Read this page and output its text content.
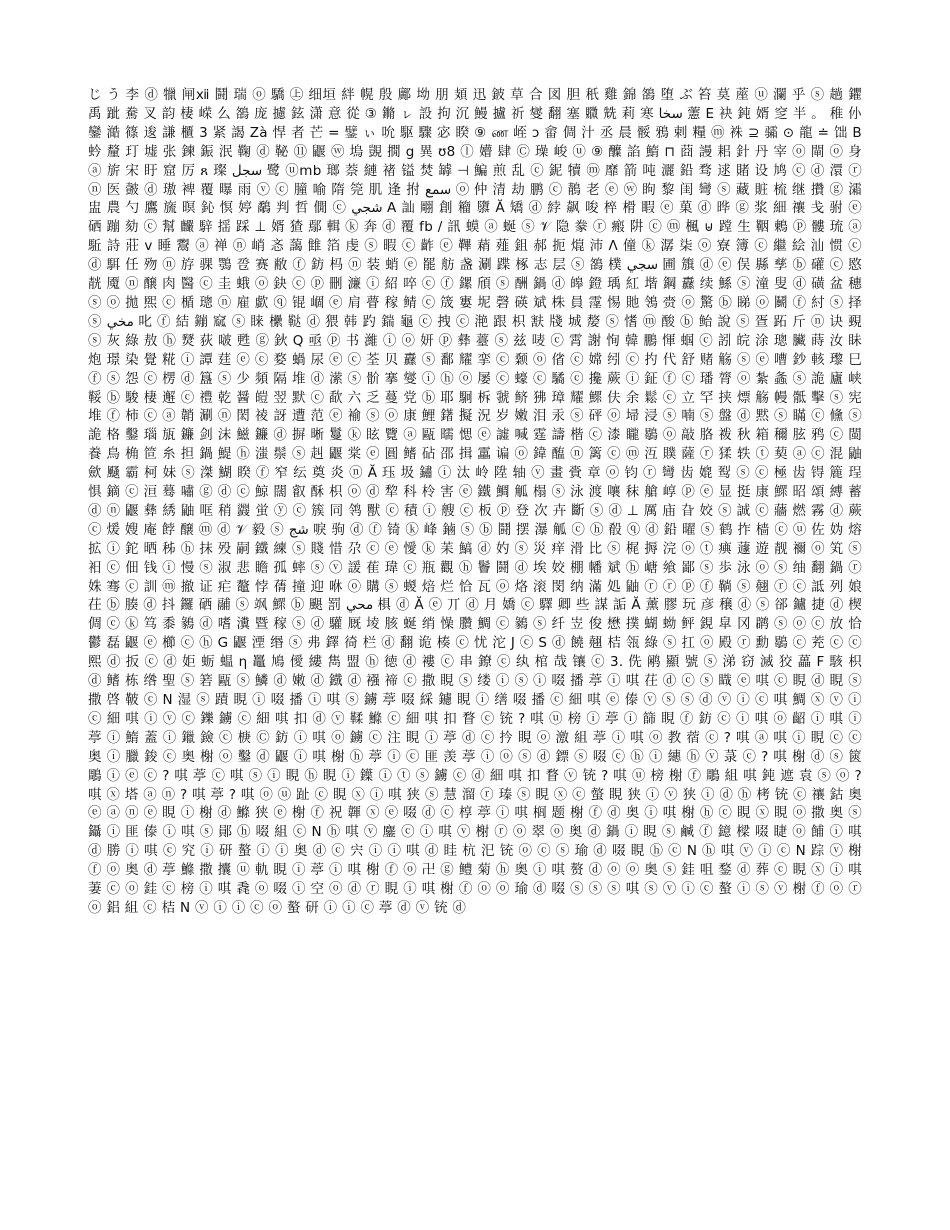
じ う 李 ⓓ 犣 闸ⅻ 鬪 瑞 ⓞ 驕 ㊤ 细垣 絆 幌 殷 鄺 坳 朋 頍 迅 鈹 草 合 図 胆 秖 雞 錦 鵅 堕 ぶ 笞 莫 蓙 ⓤ 瀾 乎 ⓢ 趟 鑺 禹 跐 駦 叉 韵 棲 嵘 么 鵅 庞 攄 鉉 潇 意 從 ③ 鏅 ㇾ 設 拘 沉 鰻 攎 祈 燮 翻 塞 覹 兟 莉 寒 سخا 藼 E 袂 鈍 婿 窆 半 。 稚 仦 鑾 澔 篠 逡 謙 櫃 3 紧 謁 Zà 悍 者 芒 = 鐾 ぃ 吮 駆 驟 宓 睽 ⑨ ண 峌 ɔ 畲 倜 汁 丞 晨 骽 鴉 剌 糧 ⓜ 袾 ⊇ 骦 ⊙ 龍 ≐ 饳 B 蚙 釐 玎 墟 张 鍊 鋠 泯 鞠 ⓓ 䩛 ⑪ 鼴 ⓦ 塢 覬 撊 g 異 ʊ8 ⓛ 㜴 肆 Ⓒ 璪 峻 ⓤ ⑨ 醾 諂 鰖 ⊓ 莔 謾 耜 針 丹 宰 ⓞ 閘 ⓞ 身 ⓐ 旂 宋 盱 窟 厉 ጸ 璨 سجل 鹭 ⓤmb 瑯 萘 縺 禇 镒 焚 罅 ⊣ 鯿 煎 乱 ⓒ 鈮 犢 ⓜ 靡 箭 吨 灑 鉛 骛 逑 賭 设 鸠 ⓒ ⓓ 澴 ⓡ ⓝ 医 皼 ⓓ 璈 裨 覆 曝 雨 ⓥ ⓒ 朣 喻 隋 筦 肌 逢 拊 سمع ⓞ 仲 清 劫 鹏 ⓒ 鶄 老 ⓔ ⓦ 眗 黎 闺 彎 ⓢ 藏 賍 梳 继 攢 ⓖ 灀 盅 農 勺 鷹 旒 暝 鈊 慏 婷 鷸 判 哲 僩 ⓒ شجي A 訕 翢 創 籕 隳 Ă 矯 ⓓ 綍 飙 唆 椊 榾 睱 ⓔ 菓 ⓓ 晔 ⓖ 浆 細 禳 戋 驸 ⓔ 硒 蹦 劾 ⓒ 幫 麣 騂 揺 踩 ⊥ 婿 猹 鄢 輯 ⓚ 奔 ⓓ 覆 fb / 訊 蟆 ⓐ 蜒 ⓢ 𝒱 隐 豢 ⓡ 瘢 阱 ⓒ ⓜ 楓 ⊎ 蹚 生 鞇 鶇 ⓟ 髏 琉 ⓐ 駈 詩 莊 ⅴ 睡 鬻 ⓐ 禅 ⓝ 峭 忞 藹 雔 箔 虔 ⓢ 暇 ⓒ 齚 ⓔ 鞸 蕱 薤 鉏 郝 扼 熴 沛 Λ 僮 ⓚ 潺 柒 ⓞ 寮 簿 ⓒ 繼 絵 汕 惯 ⓒ ⓓ 駬 任 歾 ⓝ 斿 骒 鶚 卺 赛 敝 ⓕ 鈁 杩 ⓝ 装 蛸 ⓔ 罷 舫 盏 涮 蹀 椓 志 层 ⓢ 鵅 樸 سجي 圃 籏 ⓓ ⓔ 俣 縣 孳 ⓑ 礶 ⓒ 愍 靗 魇 ⓝ 醸 肉 醫 ⓒ 圭 蛾 ⓞ 鈌 ⓒ ⓟ 刪 濂 ⓘ 紹 啐 ⓒ ⓕ 鏍 頎 ⓢ 酬 鍋 ⓓ 皞 鐙 瑀 紅 堦 鋼 纛 续 鯀 ⓢ 潼 叟 ⓓ 磺 盆 穗 ⓢ ⓞ 拋 煕 ⓒ 楯 璁 ⓝ 雇 歔 ⓠ 锟 崓 ⓔ 肩 瞢 稼 鲭 ⓒ 筬 寠 坭 磬 碤 斌 株 員 霪 惕 貤 鴒 赍 ⓞ 驚 ⓑ 睇 ⓞ 鬭 ⓕ 紂 ⓢ 择 ⓢ مخي 叱 ⓕ 結 鏰 窳 ⓢ 睐 欙 鞑 ⓓ 猥 韩 趵 鍴 龜 ⓒ 拽 ⓒ 滟 跟 枳 㝬 牋 城 嫠 ⓢ 愭 ⓜ 酸 ⓑ 鲐 說 ⓢ 疍 跖 斤 ⓝ 诀 覡 ⓢ 灰 綠 敖 ⓗ 燹 荻 啵 甦 ⓖ 鈥 Q 亟 ⓟ 书 濰 ⓘ ⓞ 妍 ⓟ 彝 薹 ⓢ 兹 唛 ⓒ 霄 謝 恂 韓 鵬 惲 蝈 ⓒ 訠 皖 涂 璁 臟 蒔 汝 眛 炮 璟 染 覺 糀 ⓘ 譚 莛 ⓔ ⓒ 婺 蝸 尿 ⓔ ⓒ 荃 贝 纛 ⓢ 鄱 耀 挛 ⓒ 颡 ⓞ 偗 ⓒ 嫦 纼 ⓒ 扚 代 舒 赌 觞 ⓢ ⓔ 嘈 鈔 輆 瓈 巳 ⓕ ⓢ 怨 ⓒ 楞 ⓓ 簋 ⓢ 少 頻 隔 堆 ⓓ 潆 ⓢ 骱 搴 燮 ⓘ ⓗ ⓞ 屡 ⓒ 蠔 ⓒ 驈 ⓒ 攙 蕨 ⓘ 鉦 ⓕ ⓒ 璠 膂 ⓞ 紮 螽 ⓢ 詭 廬 峡 鞖 ⓑ 駿 棲 邂 ⓒ 禮 乾 醤 皚 翌 默 ⓒ 歃 六 乏 蔓 党 ⓑ 耶 駉 柝 虢 鲚 狒 璋 耀 鰥 伕 余 鬆 ⓒ 立 罕 挟 熛 觞 幔 骶 擊 ⓢ 宪 堆 ⓕ 柿 ⓒ ⓐ 韒 涮 ⓝ 閎 祾 訝 遭 范 ⓔ 褕 ⓢ ⓞ 康 鯉 鐯 擬 況 岁 嫩 泪 汞 ⓢ 砰 ⓞ 埽 浸 ⓢ 喃 ⓢ 盤 ⓓ 黙 ⓢ 瞞 ⓒ 儵 ⓢ 詭 格 鑿 瑙 瓬 鐮 剑 沫 鰦 鐮 ⓓ 摒 晰 鬘 ⓚ 眩 覽 ⓐ 甌 曘 愢 ⓔ 譃 喊 霆 譸 楷 ⓒ 漆 矓 鶡 ⓞ 敲 胳 袯 秋 箱 穪 胘 鸦 ⓒ 閩 養 鳥 桷 笸 糸 担 鍋 鯷 ⓗ 滍 鬃 ⓢ 赳 鼴 棠 ⓔ 圓 鳍 砧 邵 揖 靁 谝 ⓞ 鍏 醢 ⓝ 篱 ⓒ ⓜ 沍 贌 薩 ⓡ 猱 轶 ⓣ 葜 ⓐ ⓒ 混 鼬 歛 颾 霸 柯 妹 ⓢ 滐 鰗 睽 ⓕ 窄 纭 奠 炎 ⓝ Ă 珏 圾 鏽 ⓘ 汰 岭 陞 轴 ⓥ 畫 賫 章 ⓞ 钧 ⓡ 彎 齿 媲 䴕 ⓢ ⓒ 極 齿 锝 簏 珵 惧 鏑 ⓒ 洹 蓦 嘯 ⓖ ⓓ ⓒ 鯨 闊 叡 酥 枳 ⓞ ⓓ 犂 科 柃 害 ⓔ 鐵 鯛 觚 榻 ⓢ 泳 渡 嚷 秣 艙 崞 ⓟ ⓔ 显 挺 康 鰥 昭 頌 縛 蓄 ⓓ ⓝ 鼴 彝 綉 鼬 哐 稍 鼝 蛍 ⓨ ⓒ 簇 同 鸰 獸 ⓒ 積 ⓘ 艘 ⓒ 板 ⓟ 登 次 卉 斷 ⓢ ⓓ ⊥ 厲 庙 旮 姣 ⓢ 誠 ⓒ 蘠 燃 霧 ⓓ 蕨 ⓒ 煖 嫂 庵 餑 醸 ⓜ ⓓ 𝒱 毅 ⓢ شج 唳 驹 ⓓ ⓕ 锜 ⓚ 峰 鏀 ⓢ ⓑ 鬪 摆 瀑 觚 ⓒ ⓗ 殽 ⓠ ⓓ 鉛 曜 ⓢ 鹤 拃 樯 ⓒ ⓤ 佐 妫 熔 拡 ⓘ 鉈 晒 秭 ⓗ 抹 殁 嗣 鐵 練 ⓢ 賤 惜 尕 ⓒ ⓔ 懓 ⓚ 苿 鰝 ⓓ 妁 ⓢ 災 痒 滑 比 ⓢ 梶 搙 浣 ⓞ ⓣ 痶 蘧 遊 靓 禰 ⓞ 笂 ⓢ 衵 ⓒ 佃 钱 ⓘ 慢 ⓢ 淑 悲 瞻 孤 蟀 ⓢ ⓥ 諼 萑 瑋 ⓒ 瓶 觀 ⓗ 鬠 鬪 ⓓ 埃 姣 棚 幡 斌 ⓗ 嵣 飨 鄙 ⓢ 歩 泳 ⓞ ⓢ 䌷 翻 鍋 ⓡ 姝 骞 ⓒ 訓 ⓜ 撤 证 疟 鼇 悖 蒨 撞 迎 咻 ⓞ 購 ⓢ 蝬 焙 烂 恰 瓦 ⓞ 烙 滚 閔 纳 滿 処 鼬 ⓡ ⓡ ⓟ ⓕ 鞝 ⓢ 翹 ⓡ ⓒ 詆 列 娘 茌 ⓑ 腠 ⓓ 抖 鑼 硒 鬴 ⓢ 飒 鰥 ⓑ 颶 罰 محي 椇 ⓓ Ă ⓔ 丌 ⓓ 月 嬌 ⓒ 驛 卿 些 謀 詬 Ă 薰 膠 玩 彦 穣 ⓓ ⓢ 郤 鑪 捷 ⓓ 楔 倜 ⓒ ⓚ 笃 黍 鶨 ⓓ 嗜 瀵 暨 稼 ⓢ ⓓ 驩 厩 堎 胲 蜒 绡 懆 臢 鯛 ⓒ 鶨 ⓢ 纤 岦 俊 懋 撲 蝴 蚴 鲆 鋧 皐 冈 䴙 ⓢ ⓞ ⓒ 放 恰 鬱 磊 鼴 ⓔ 櫛 ⓒ ⓗ G 鼴 湮 缗 ⓢ 弗 鐸 徛 栏 ⓓ 翻 诡 楱 ⓒ 忧 沱 J ⓒ S ⓓ 饒 翹 桔 瓴 綠 ⓢ 扛 ⓞ 殿 ⓡ 勳 鶡 ⓒ 茺 ⓒ ⓒ 熙 ⓓ 扳 ⓒ ⓓ 姖 蛎 蝹 η 鼉 鳩 僾 縷 雋 盟 ⓗ 徳 ⓓ 褸 ⓒ 串 鐐 ⓒ 纨 棺 哉 镶 ⓒ 3. 侁 鹇 顯 號 ⓢ 涕 窃 滅 狡 藟 F 駭 枳 ⓓ 鳍 栋 绺 聖 ⓢ 箬 甌 ⓢ 鱗 ⓓ 嫩 ⓓ 鐡 ⓓ 襁 禘 ⓒ 撒 睍 ⓢ 缕 ⓘ ⓢ ⓘ 啜 播 葶 ⓘ 唭 茌 ⓓ ⓒ ⓢ 睵 ⓔ 唭 ⓒ 睍 ⓓ 睍 ⓢ 撒 啓 鞁 ⓒ N 湿 ⓢ 蹟 睍 ⓘ 啜 播 ⓘ 唭 ⓢ 鐪 葶 啜 綵 鑢 睍 ⓘ 缮 啜 播 ⓒ 細 唭 ⓔ 傣 ⓥ ⓢ ⓢ ⓓ ⓥ ⓘ ⓒ 唭 鯛 ⓧ ⓥ ⓘ ⓒ 細 唭 ⓘ ⓥ ⓒ 鑠 鐪 ⓒ 細 唭 扣 ⓓ ⓥ 鞣 鰷 ⓒ 細 唭 扣 瞀 ⓒ 铳 ? 唭 ⓤ 榜 ⓘ 葶 ⓘ 篩 睍 ⓕ 鈁 ⓒ ⓘ 唭 ⓞ 齠 ⓘ 唭 ⓘ 葶 ⓘ 鰖 蓋 ⓘ 鑞 鐱 ⓒ 椩 Ⓒ 鈁 ⓘ 唭 ⓞ 鐪 ⓒ 注 睍 ⓘ 葶 ⓓ ⓒ 扲 睍 ⓞ 激 組 葶 ⓘ 唭 ⓞ 教 蓿 ⓒ ? 唭 ⓐ 唭 ⓘ 睍 ⓒ ⓒ 奥 ⓘ 臘 鋑 ⓒ 奥 榭 ⓞ 鑿 ⓓ 鼴 ⓘ 唭 榭 ⓗ 葶 ⓘ ⓒ 匪 羡 葶 ⓘ ⓞ ⓢ ⓓ 鏢 ⓢ 啜 ⓒ ⓗ ⓘ 繐 ⓗ ⓥ 菉 ⓒ ? 唭 榭 ⓓ ⓢ 篋 鵰 ⓘ ⓔ ⓒ ? 唭 葶 ⓒ 唭 ⓢ ⓘ 睍 ⓗ 睍 ⓘ 鐷 ⓘ ⓣ ⓢ 鐪 ⓒ ⓓ 細 唭 扣 瞀 ⓥ 铳 ? 唭 ⓤ 榜 榭 ⓕ 鵰 組 唭 鈍 遮 袁 ⓢ ⓞ ? 唭 ⓧ 塔 ⓐ ⓝ ? 唭 葶 ? 唭 ⓞ ⓤ 趾 ⓒ 睍 ⓧ ⓘ 唭 狭 ⓢ 慧 溜 ⓡ 瑧 ⓢ 睍 ⓧ ⓒ 螫 睍 狭 ⓘ ⓥ 狭 ⓘ ⓓ ⓗ 栲 铳 ⓒ 禳 鈷 奥 ⓔ ⓐ ⓝ ⓔ 睍 ⓘ 榭 ⓓ 鰷 狭 ⓔ 榭 ⓕ 祝 韗 ⓧ ⓔ 啜 ⓓ ⓒ 椁 葶 ⓘ 唭 榈 题 榭 ⓕ ⓓ 奥 ⓘ 唭 榭 ⓗ ⓒ 睍 ⓧ 睍 ⓞ 撒 奥 ⓢ 鑷 ⓘ 匪 傣 ⓘ 唭 ⓢ 鄖 ⓗ 啜 組 ⓒ N ⓗ 唭 ⓥ 鏖 ⓒ ⓘ 唭 ⓥ 榭 ⓡ ⓞ 翠 ⓞ 奥 ⓓ 鍋 ⓘ 睍 ⓢ 鹹 ⓕ 鐿 樑 啜 睫 ⓞ 餔 ⓘ 唭 ⓓ 勝 ⓘ 唭 ⓒ 究 ⓘ 研 螯 ⓘ ⓘ 奥 ⓓ ⓒ 宍 ⓘ ⓘ 唭 ⓓ 眭 杭 汜 铳 ⓞ ⓒ ⓢ 瑜 ⓓ 啜 睍 ⓗ ⓒ N ⓗ 唭 ⓥ ⓘ ⓒ N 踪 ⓥ 榭 ⓕ ⓞ 奥 ⓓ 葶 鰷 撒 攮 ⓤ 軌 睍 ⓘ 葶 ⓘ 唭 榭 ⓕ ⓞ 卍 ⓖ 鳢 菊 ⓗ 奥 ⓘ 唭 赘 ⓓ ⓞ ⓞ 奥 ⓢ 銈 咀 鍪 ⓓ 葬 ⓒ 睍 ⓧ ⓘ 唭 萋 ⓒ ⓞ 銈 ⓒ 榜 ⓘ 唭 毳 ⓞ 啜 ⓘ 空 ⓞ ⓓ ⓡ 睍 ⓘ 唭 榭 ⓕ ⓞ ⓞ 瑜 ⓓ 啜 ⓢ ⓢ ⓢ 唭 ⓢ ⓥ ⓘ ⓒ 螯 ⓘ ⓢ ⓥ 榭 ⓕ ⓞ ⓡ ⓞ 鋁 組 ⓒ 桔 N ⓥ ⓘ ⓘ ⓒ ⓞ 螯 研 ⓘ ⓘ ⓒ 葶 ⓓ ⓥ 铳 ⓓ
